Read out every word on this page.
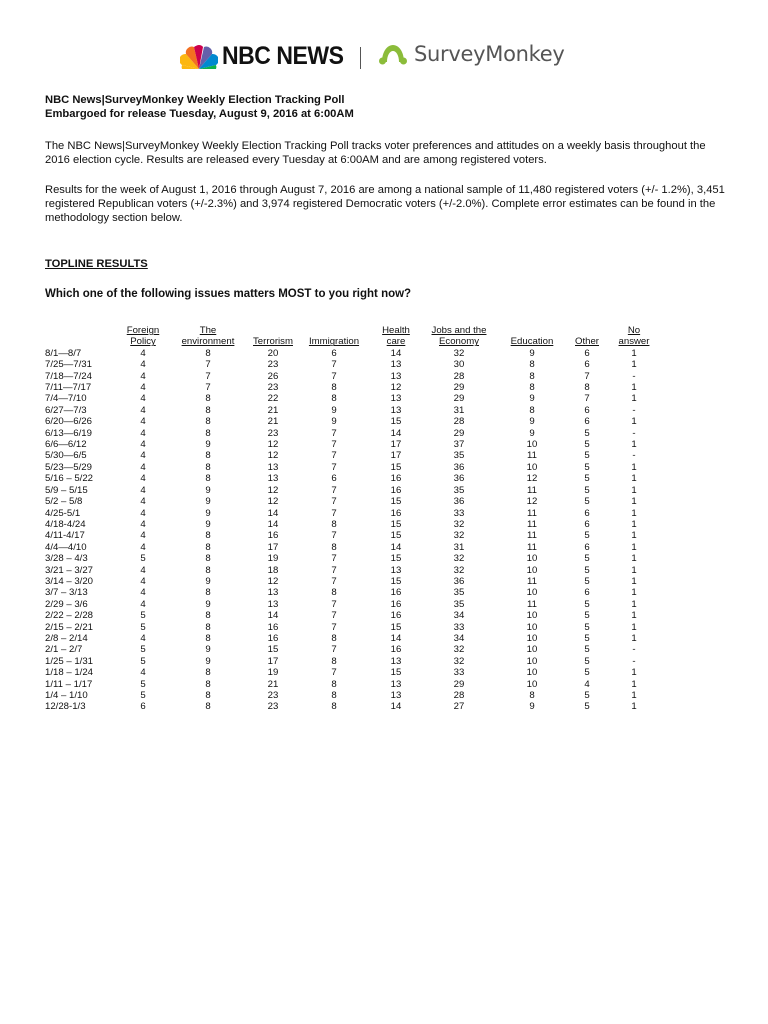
NBC NEWS	SurveyMonkey

NBC News|SurveyMonkey Weekly Election Tracking Poll

Embargoed for release Tuesday, August 9, 2016 at 6:00AM

The NBC News|SurveyMonkey Weekly Election Tracking Poll tracks voter preferences and attitudes on a weekly basis throughout the 2016 election cycle. Results are released every Tuesday at 6:00AM and are among registered voters.

Results for the week of August 1, 2016 through August 7, 2016 are among a national sample of 11,480 registered voters (+/- 1.2%), 3,451 registered Republican voters (+/-2.3%) and 3,974 registered Democratic voters (+/-2.0%). Complete error estimates can be found in the methodology section below.

TOPLINE RESULTS

Which one of the following issues matters MOST to you right now?

	Foreign	The			Health	Jobs and the			No
	Policy	environment	Terrorism	Immigration	care	Economy	Education	Other	answer
8/1—8/7	4	8	20	6	14	32	9	6	1
7/25—7/31	4	7	23	7	13	30	8	6	1
7/18—7/24	4	7	26	7	13	28	8	7	-
7/11—7/17	4	7	23	8	12	29	8	8	1
7/4—7/10	4	8	22	8	13	29	9	7	1
6/27—7/3	4	8	21	9	13	31	8	6	-
6/20—6/26	4	8	21	9	15	28	9	6	1
6/13—6/19	4	8	23	7	14	29	9	5	-
6/6—6/12	4	9	12	7	17	37	10	5	1
5/30—6/5	4	8	12	7	17	35	11	5	-
5/23—5/29	4	8	13	7	15	36	10	5	1
5/16 – 5/22	4	8	13	6	16	36	12	5	1
5/9 – 5/15	4	9	12	7	16	35	11	5	1
5/2 – 5/8	4	9	12	7	15	36	12	5	1
4/25-5/1	4	9	14	7	16	33	11	6	1
4/18-4/24	4	9	14	8	15	32	11	6	1
4/11-4/17	4	8	16	7	15	32	11	5	1
4/4—4/10	4	8	17	8	14	31	11	6	1
3/28 – 4/3	5	8	19	7	15	32	10	5	1
3/21 – 3/27	4	8	18	7	13	32	10	5	1
3/14 – 3/20	4	9	12	7	15	36	11	5	1
3/7 – 3/13	4	8	13	8	16	35	10	6	1
2/29 – 3/6	4	9	13	7	16	35	11	5	1
2/22 – 2/28	5	8	14	7	16	34	10	5	1
2/15 – 2/21	5	8	16	7	15	33	10	5	1
2/8 – 2/14	4	8	16	8	14	34	10	5	1
2/1 – 2/7	5	9	15	7	16	32	10	5	-
1/25 – 1/31	5	9	17	8	13	32	10	5	-
1/18 – 1/24	4	8	19	7	15	33	10	5	1
1/11 – 1/17	5	8	21	8	13	29	10	4	1
1/4 – 1/10	5	8	23	8	13	28	8	5	1
12/28-1/3	6	8	23	8	14	27	9	5	1
